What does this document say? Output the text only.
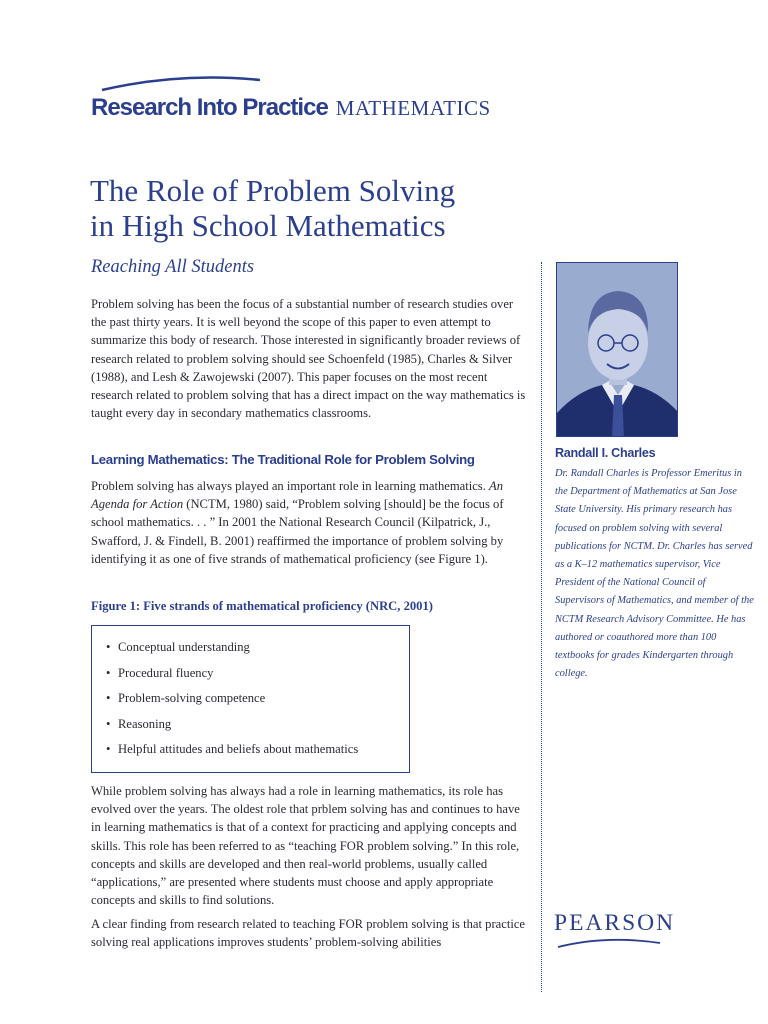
Research Into Practice MATHEMATICS
The Role of Problem Solving
in High School Mathematics

Reaching All Students

Problem solving has been the focus of a substantial number of research studies over the past thirty years. It is well beyond the scope of this paper to even attempt to summarize this body of research. Those interested in significantly broader reviews of research related to problem solving should see Schoenfeld (1985), Charles & Silver (1988), and Lesh & Zawojewski (2007). This paper focuses on the most recent research related to problem solving that has a direct impact on the way mathematics is taught every day in secondary mathematics classrooms.

Learning Mathematics: The Traditional Role for Problem Solving

Problem solving has always played an important role in learning mathematics. An Agenda for Action (NCTM, 1980) said, “Problem solving [should] be the focus of school mathematics. . . ” In 2001 the National Research Council (Kilpatrick, J., Swafford, J. & Findell, B. 2001) reaffirmed the importance of problem solving by identifying it as one of five strands of mathematical proficiency (see Figure 1).

Figure 1: Five strands of mathematical proficiency (NRC, 2001)

• Conceptual understanding
• Procedural fluency
• Problem-solving competence
• Reasoning
• Helpful attitudes and beliefs about mathematics

While problem solving has always had a role in learning mathematics, its role has evolved over the years. The oldest role that prblem solving has and continues to have in learning mathematics is that of a context for practicing and applying concepts and skills. This role has been referred to as “teaching FOR problem solving.” In this role, concepts and skills are developed and then real-world problems, usually called “applications,” are presented where students must choose and apply appropriate concepts and skills to find solutions.

A clear finding from research related to teaching FOR problem solving is that practice solving real applications improves students’ problem-solving abilities

Randall I. Charles

Dr. Randall Charles is Professor Emeritus in the Department of Mathematics at San Jose State University. His primary research has focused on problem solving with several publications for NCTM. Dr. Charles has served as a K–12 mathematics supervisor, Vice President of the National Council of Supervisors of Mathematics, and member of the NCTM Research Advisory Committee. He has authored or coauthored more than 100 textbooks for grades Kindergarten through college.

PEARSON
